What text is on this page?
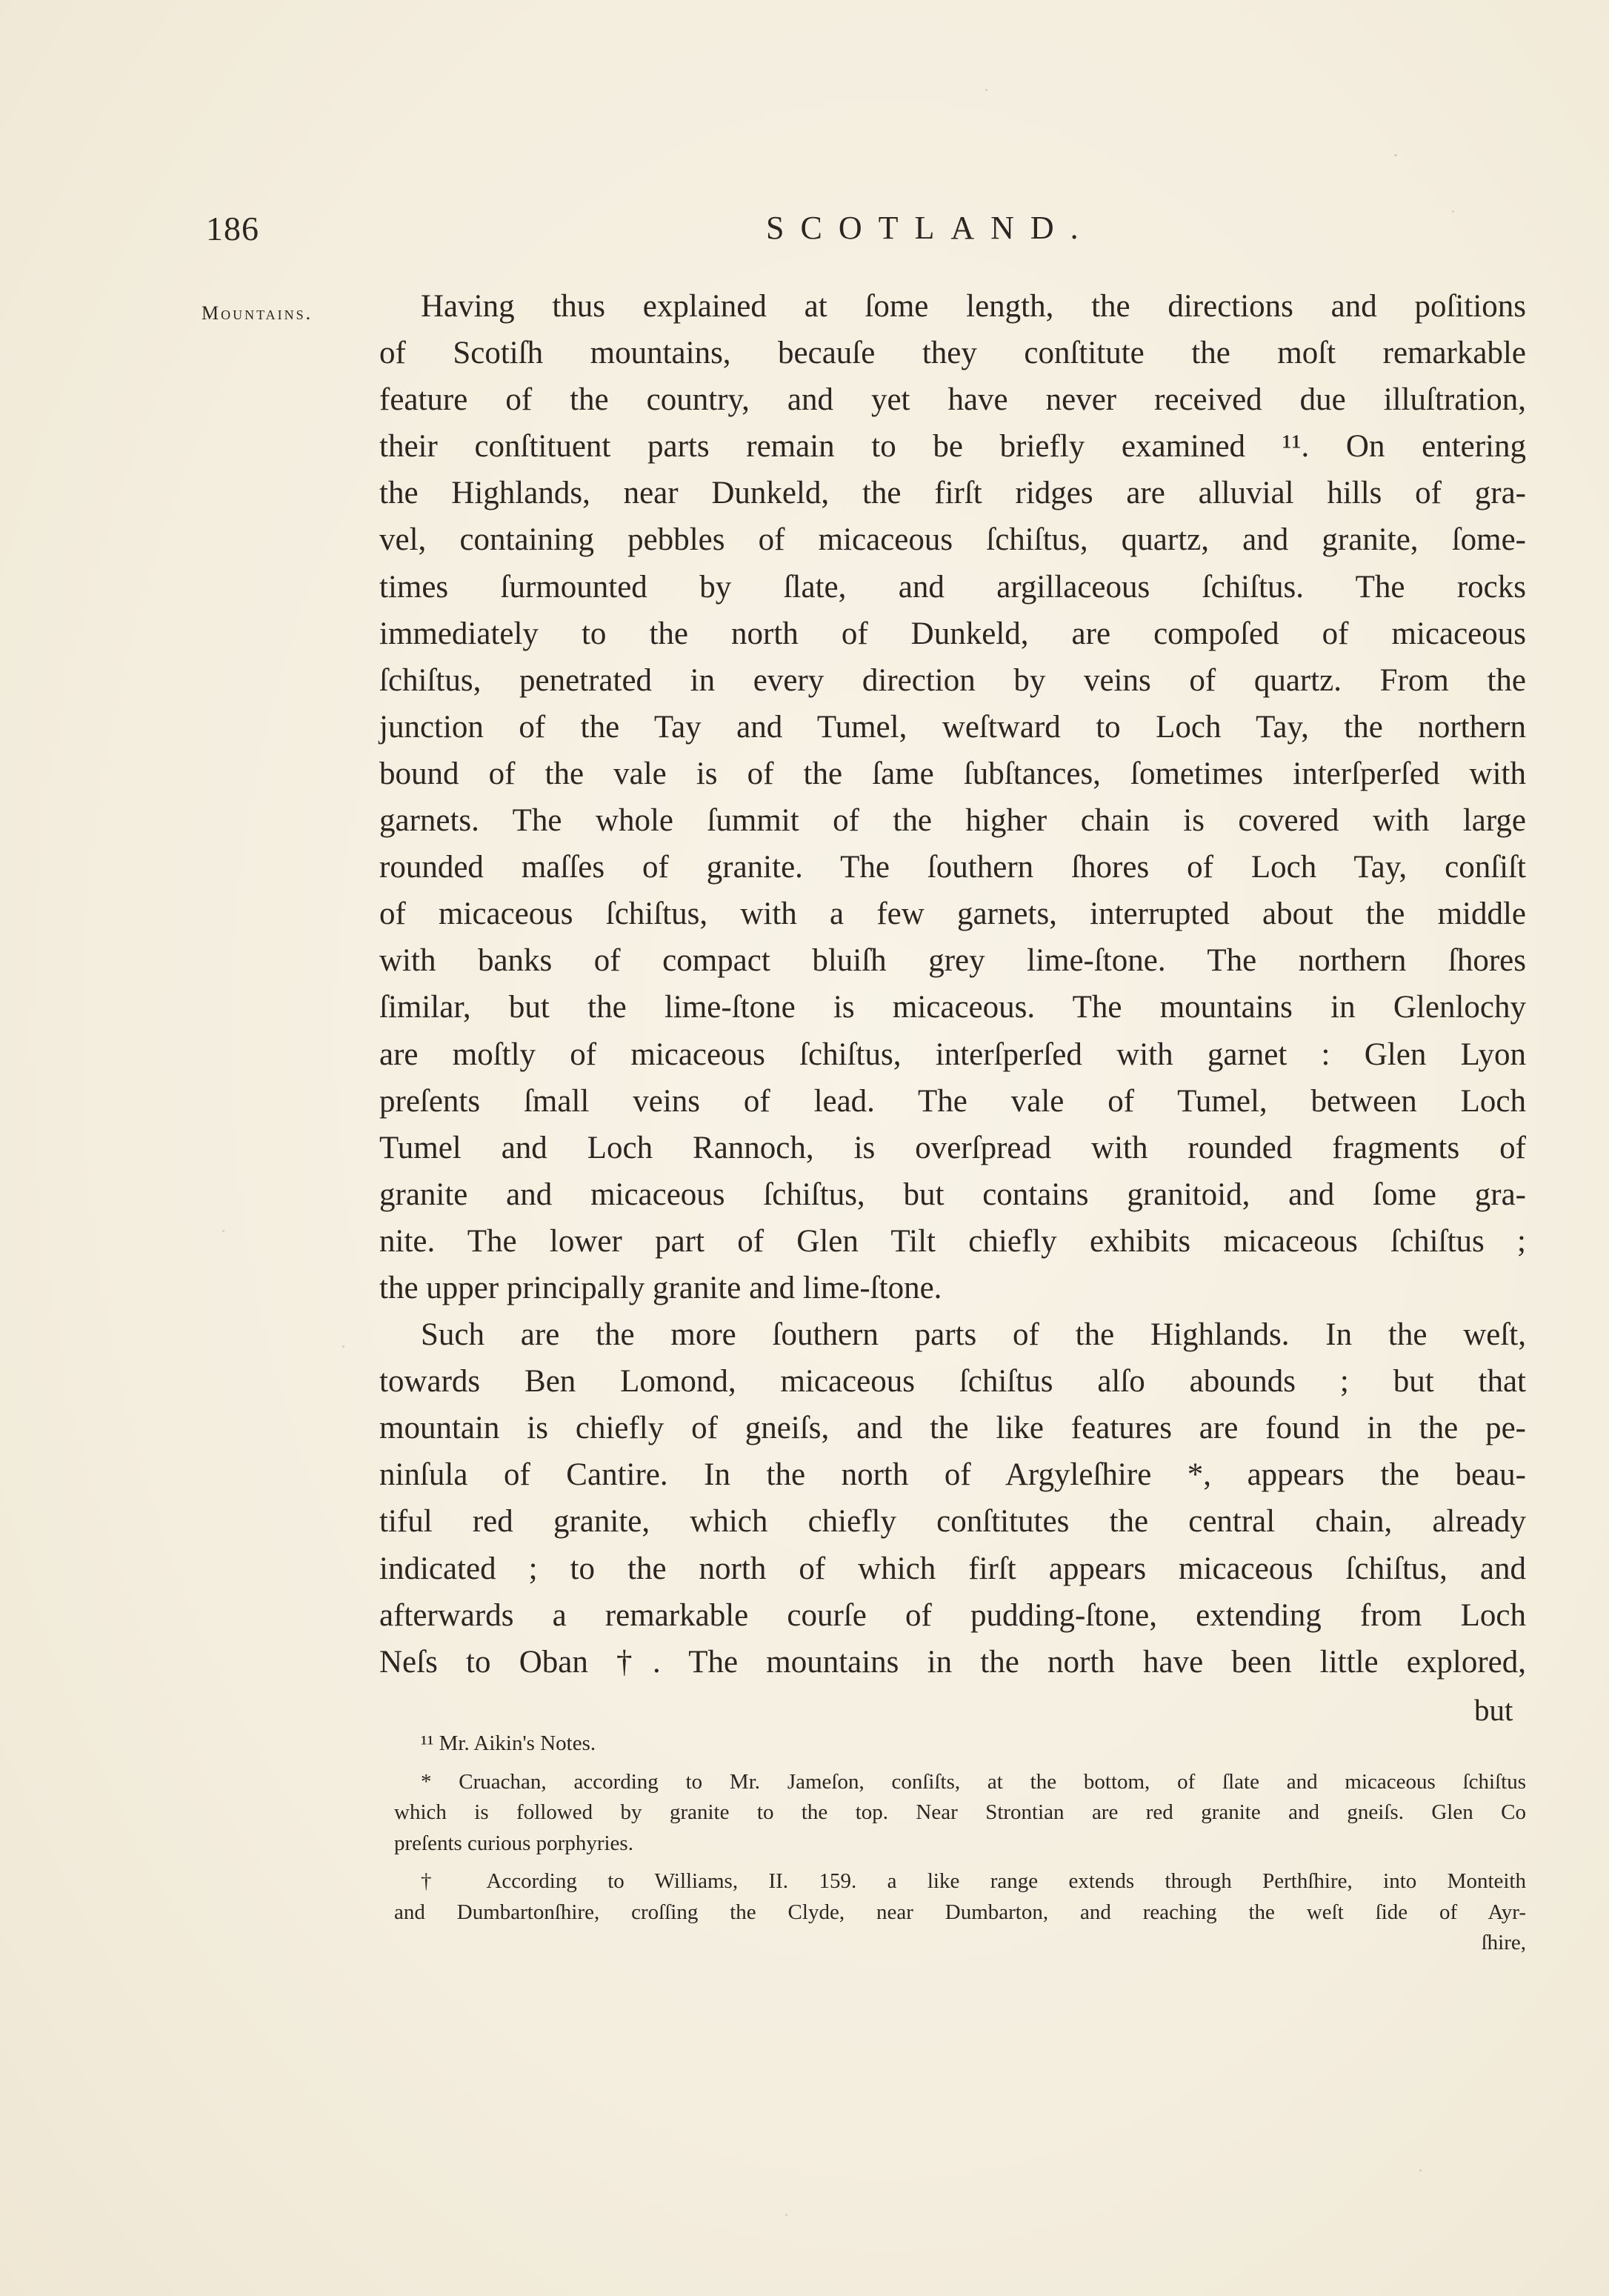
186	SCOTLAND.
Mountains.	Having thus explained at ſome length, the directions and poſitions
of Scotiſh mountains, becauſe they conſtitute the moſt remarkable
feature of the country, and yet have never received due illuſtration,
their conſtituent parts remain to be briefly examined ¹¹. On entering
the Highlands, near Dunkeld, the firſt ridges are alluvial hills of gra-
vel, containing pebbles of micaceous ſchiſtus, quartz, and granite, ſome-
times ſurmounted by ſlate, and argillaceous ſchiſtus. The rocks
immediately to the north of Dunkeld, are compoſed of micaceous
ſchiſtus, penetrated in every direction by veins of quartz. From the
junction of the Tay and Tumel, weſtward to Loch Tay, the northern
bound of the vale is of the ſame ſubſtances, ſometimes interſperſed with
garnets. The whole ſummit of the higher chain is covered with large
rounded maſſes of granite. The ſouthern ſhores of Loch Tay, conſiſt
of micaceous ſchiſtus, with a few garnets, interrupted about the middle
with banks of compact bluiſh grey lime-ſtone. The northern ſhores
ſimilar, but the lime-ſtone is micaceous. The mountains in Glenlochy
are moſtly of micaceous ſchiſtus, interſperſed with garnet : Glen Lyon
preſents ſmall veins of lead. The vale of Tumel, between Loch
Tumel and Loch Rannoch, is overſpread with rounded fragments of
granite and micaceous ſchiſtus, but contains granitoid, and ſome gra-
nite. The lower part of Glen Tilt chiefly exhibits micaceous ſchiſtus ;
the upper principally granite and lime-ſtone.
Such are the more ſouthern parts of the Highlands. In the weſt,
towards Ben Lomond, micaceous ſchiſtus alſo abounds ; but that
mountain is chiefly of gneiſs, and the like features are found in the pe-
ninſula of Cantire. In the north of Argyleſhire *, appears the beau-
tiful red granite, which chiefly conſtitutes the central chain, already
indicated ; to the north of which firſt appears micaceous ſchiſtus, and
afterwards a remarkable courſe of pudding-ſtone, extending from Loch
Neſs to Oban †. The mountains in the north have been little explored,
but
¹¹ Mr. Aikin's Notes.
* Cruachan, according to Mr. Jameſon, conſiſts, at the bottom, of ſlate and micaceous ſchiſtus
which is followed by granite to the top. Near Strontian are red granite and gneiſs. Glen Co
preſents curious porphyries.
† According to Williams, II. 159. a like range extends through Perthſhire, into Monteith
and Dumbartonſhire, croſſing the Clyde, near Dumbarton, and reaching the weſt ſide of Ayr-
ſhire,
